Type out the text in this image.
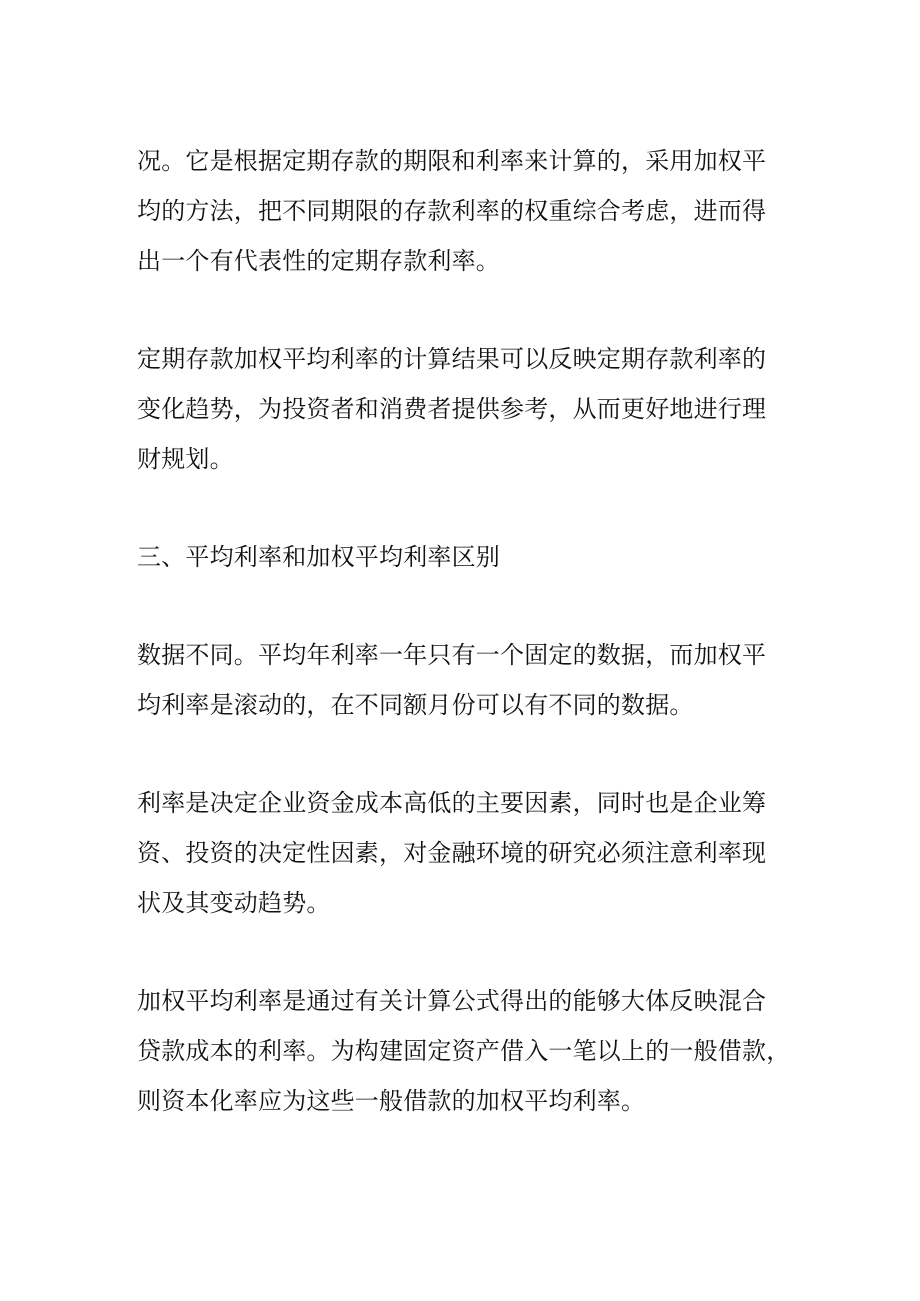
况。它是根据定期存款的期限和利率来计算的，采用加权平
均的方法，把不同期限的存款利率的权重综合考虑，进而得
出一个有代表性的定期存款利率。

定期存款加权平均利率的计算结果可以反映定期存款利率的
变化趋势，为投资者和消费者提供参考，从而更好地进行理
财规划。

三、平均利率和加权平均利率区别

数据不同。平均年利率一年只有一个固定的数据，而加权平
均利率是滚动的，在不同额月份可以有不同的数据。

利率是决定企业资金成本高低的主要因素，同时也是企业筹
资、投资的决定性因素，对金融环境的研究必须注意利率现
状及其变动趋势。

加权平均利率是通过有关计算公式得出的能够大体反映混合
贷款成本的利率。为构建固定资产借入一笔以上的一般借款，
则资本化率应为这些一般借款的加权平均利率。
